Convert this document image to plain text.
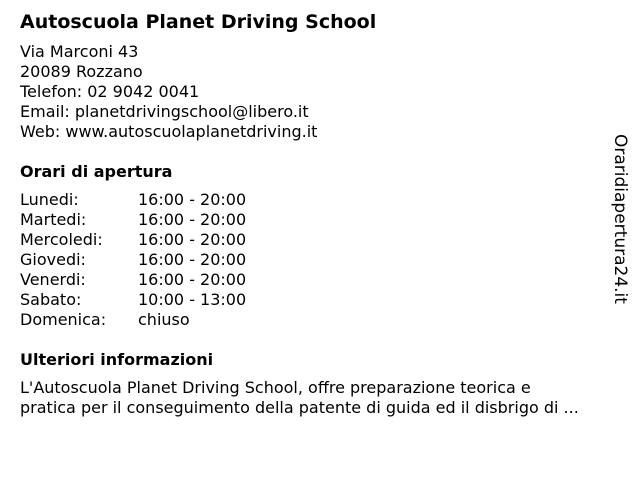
Autoscuola Planet Driving School
Via Marconi 43
20089 Rozzano
Telefon: 02 9042 0041
Email: planetdrivingschool@libero.it
Web: www.autoscuolaplanetdriving.it
Orari di apertura
Lunedi:	16:00 - 20:00
Martedi:	16:00 - 20:00
Mercoledi:	16:00 - 20:00
Giovedi:	16:00 - 20:00
Venerdi:	16:00 - 20:00
Sabato:	10:00 - 13:00
Domenica:	chiuso
Ulteriori informazioni
L'Autoscuola Planet Driving School, offre preparazione teorica e
pratica per il conseguimento della patente di guida ed il disbrigo di ...
Oraridiapertura24.it
